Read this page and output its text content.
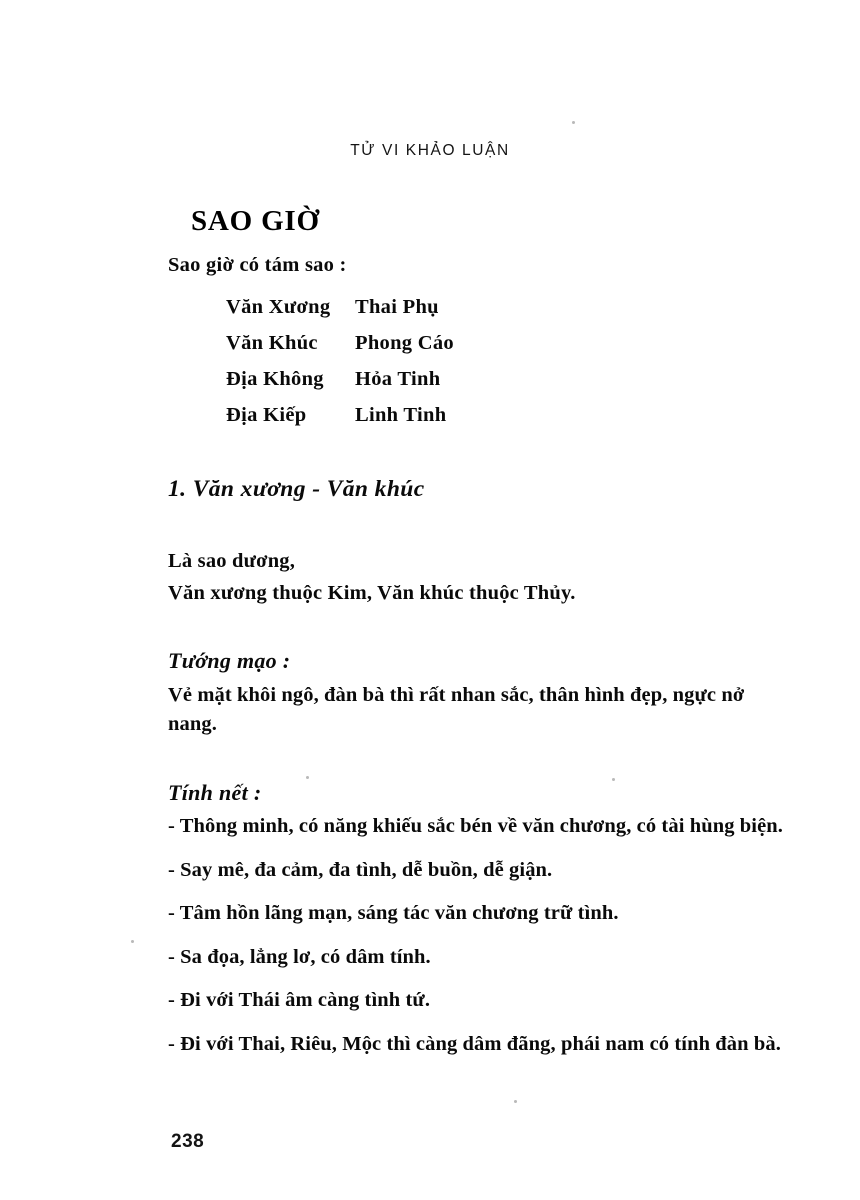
TỬ VI KHẢO LUẬN
SAO GIỜ

Sao giờ có tám sao :

Văn Xương	Thai Phụ
Văn Khúc	Phong Cáo
Địa Không	Hỏa Tinh
Địa Kiếp	Linh Tinh
1. Văn xương - Văn khúc

Là sao dương,

Văn xương thuộc Kim, Văn khúc thuộc Thủy.

Tướng mạo :

Vẻ mặt khôi ngô, đàn bà thì rất nhan sắc, thân hình đẹp, ngực nở nang.

Tính nết :
- Thông minh, có năng khiếu sắc bén về văn chương, có tài hùng biện.
- Say mê, đa cảm, đa tình, dễ buồn, dễ giận.
- Tâm hồn lãng mạn, sáng tác văn chương trữ tình.
- Sa đọa, lẳng lơ, có dâm tính.
- Đi với Thái âm càng tình tứ.
- Đi với Thai, Riêu, Mộc thì càng dâm đãng, phái nam có tính đàn bà.
238
